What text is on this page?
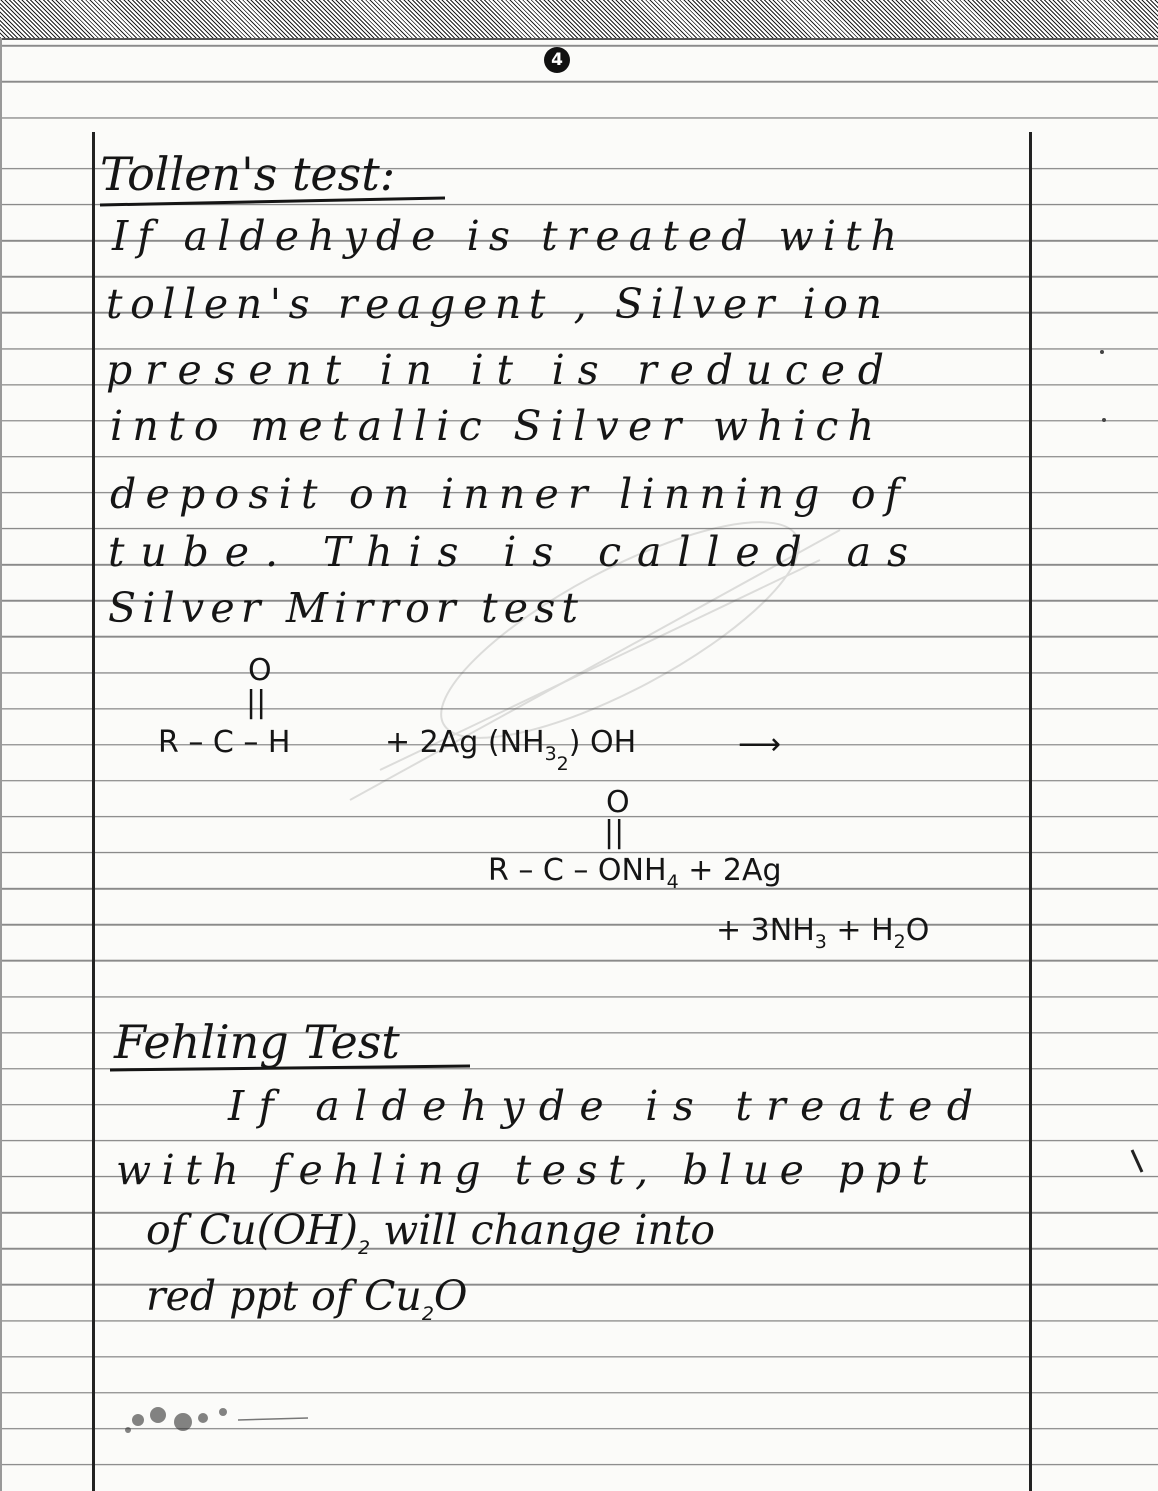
4
Tollen's test:
If aldehyde is treated with
tollen's reagent , Silver ion
present in it is reduced
into metallic Silver which
deposit on inner linning of
tube. This is called as
Silver Mirror test
O
||
R – C – H	+ 2Ag $(NH_{32})$ OH	⟶
O
||
$R - C - ONH_4 + 2Ag$
+ $3NH_3 + H_2O$
Fehling Test
If aldehyde is treated
with fehling test, blue ppt
of $Cu(OH)_2$ will change into
red ppt of $Cu_2O$
